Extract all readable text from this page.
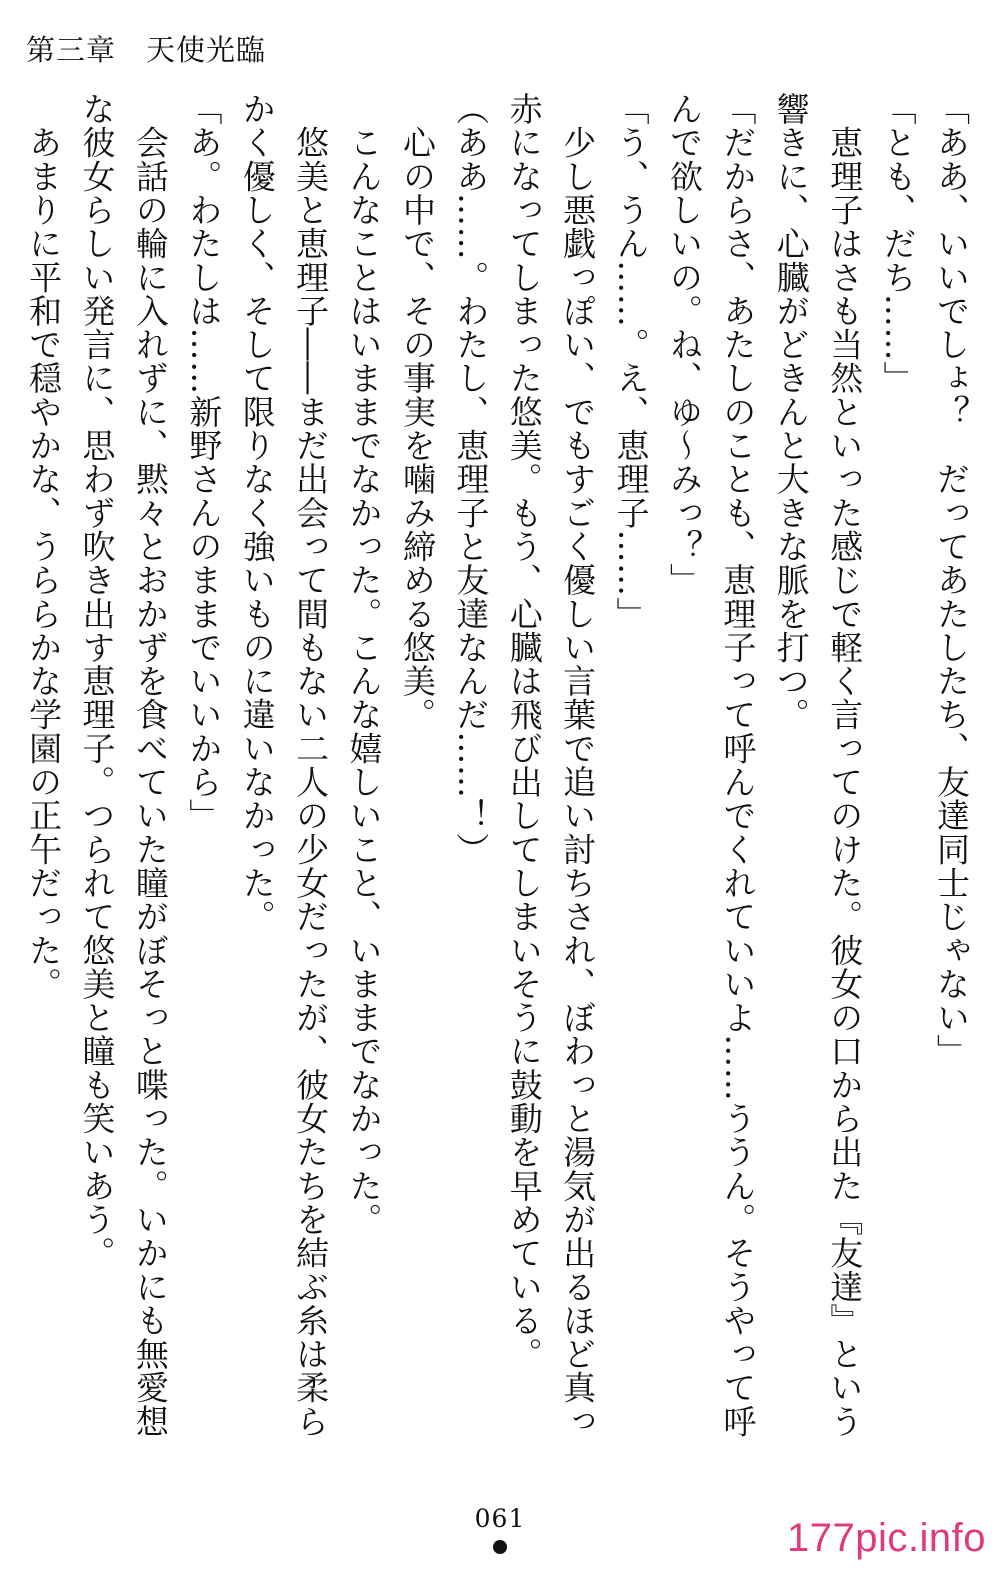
第三章　天使光臨

「ああ、いいでしょ？　だってあたしたち、友達同士じゃない」

「とも、だち……」

　恵理子はさも当然といった感じで軽く言ってのけた。彼女の口から出た『友達』という

響きに、心臓がどきんと大きな脈を打つ。

「だからさ、あたしのことも、恵理子って呼んでくれていいよ……ううん。そうやって呼

んで欲しいの。ね、ゆ～みっ？」

「う、うん……。え、恵理子……」

　少し悪戯っぽい、でもすごく優しい言葉で追い討ちされ、ぼわっと湯気が出るほど真っ

赤になってしまった悠美。もう、心臓は飛び出してしまいそうに鼓動を早めている。

（ああ……。わたし、恵理子と友達なんだ……！）

　心の中で、その事実を噛み締める悠美。

　こんなことはいままでなかった。こんな嬉しいこと、いままでなかった。

　悠美と恵理子――まだ出会って間もない二人の少女だったが、彼女たちを結ぶ糸は柔ら

かく優しく、そして限りなく強いものに違いなかった。

「あ。わたしは……新野さんのままでいいから」

　会話の輪に入れずに、黙々とおかずを食べていた瞳がぼそっと喋った。いかにも無愛想

な彼女らしい発言に、思わず吹き出す恵理子。つられて悠美と瞳も笑いあう。

　あまりに平和で穏やかな、うららかな学園の正午だった。

061	177pic.info
